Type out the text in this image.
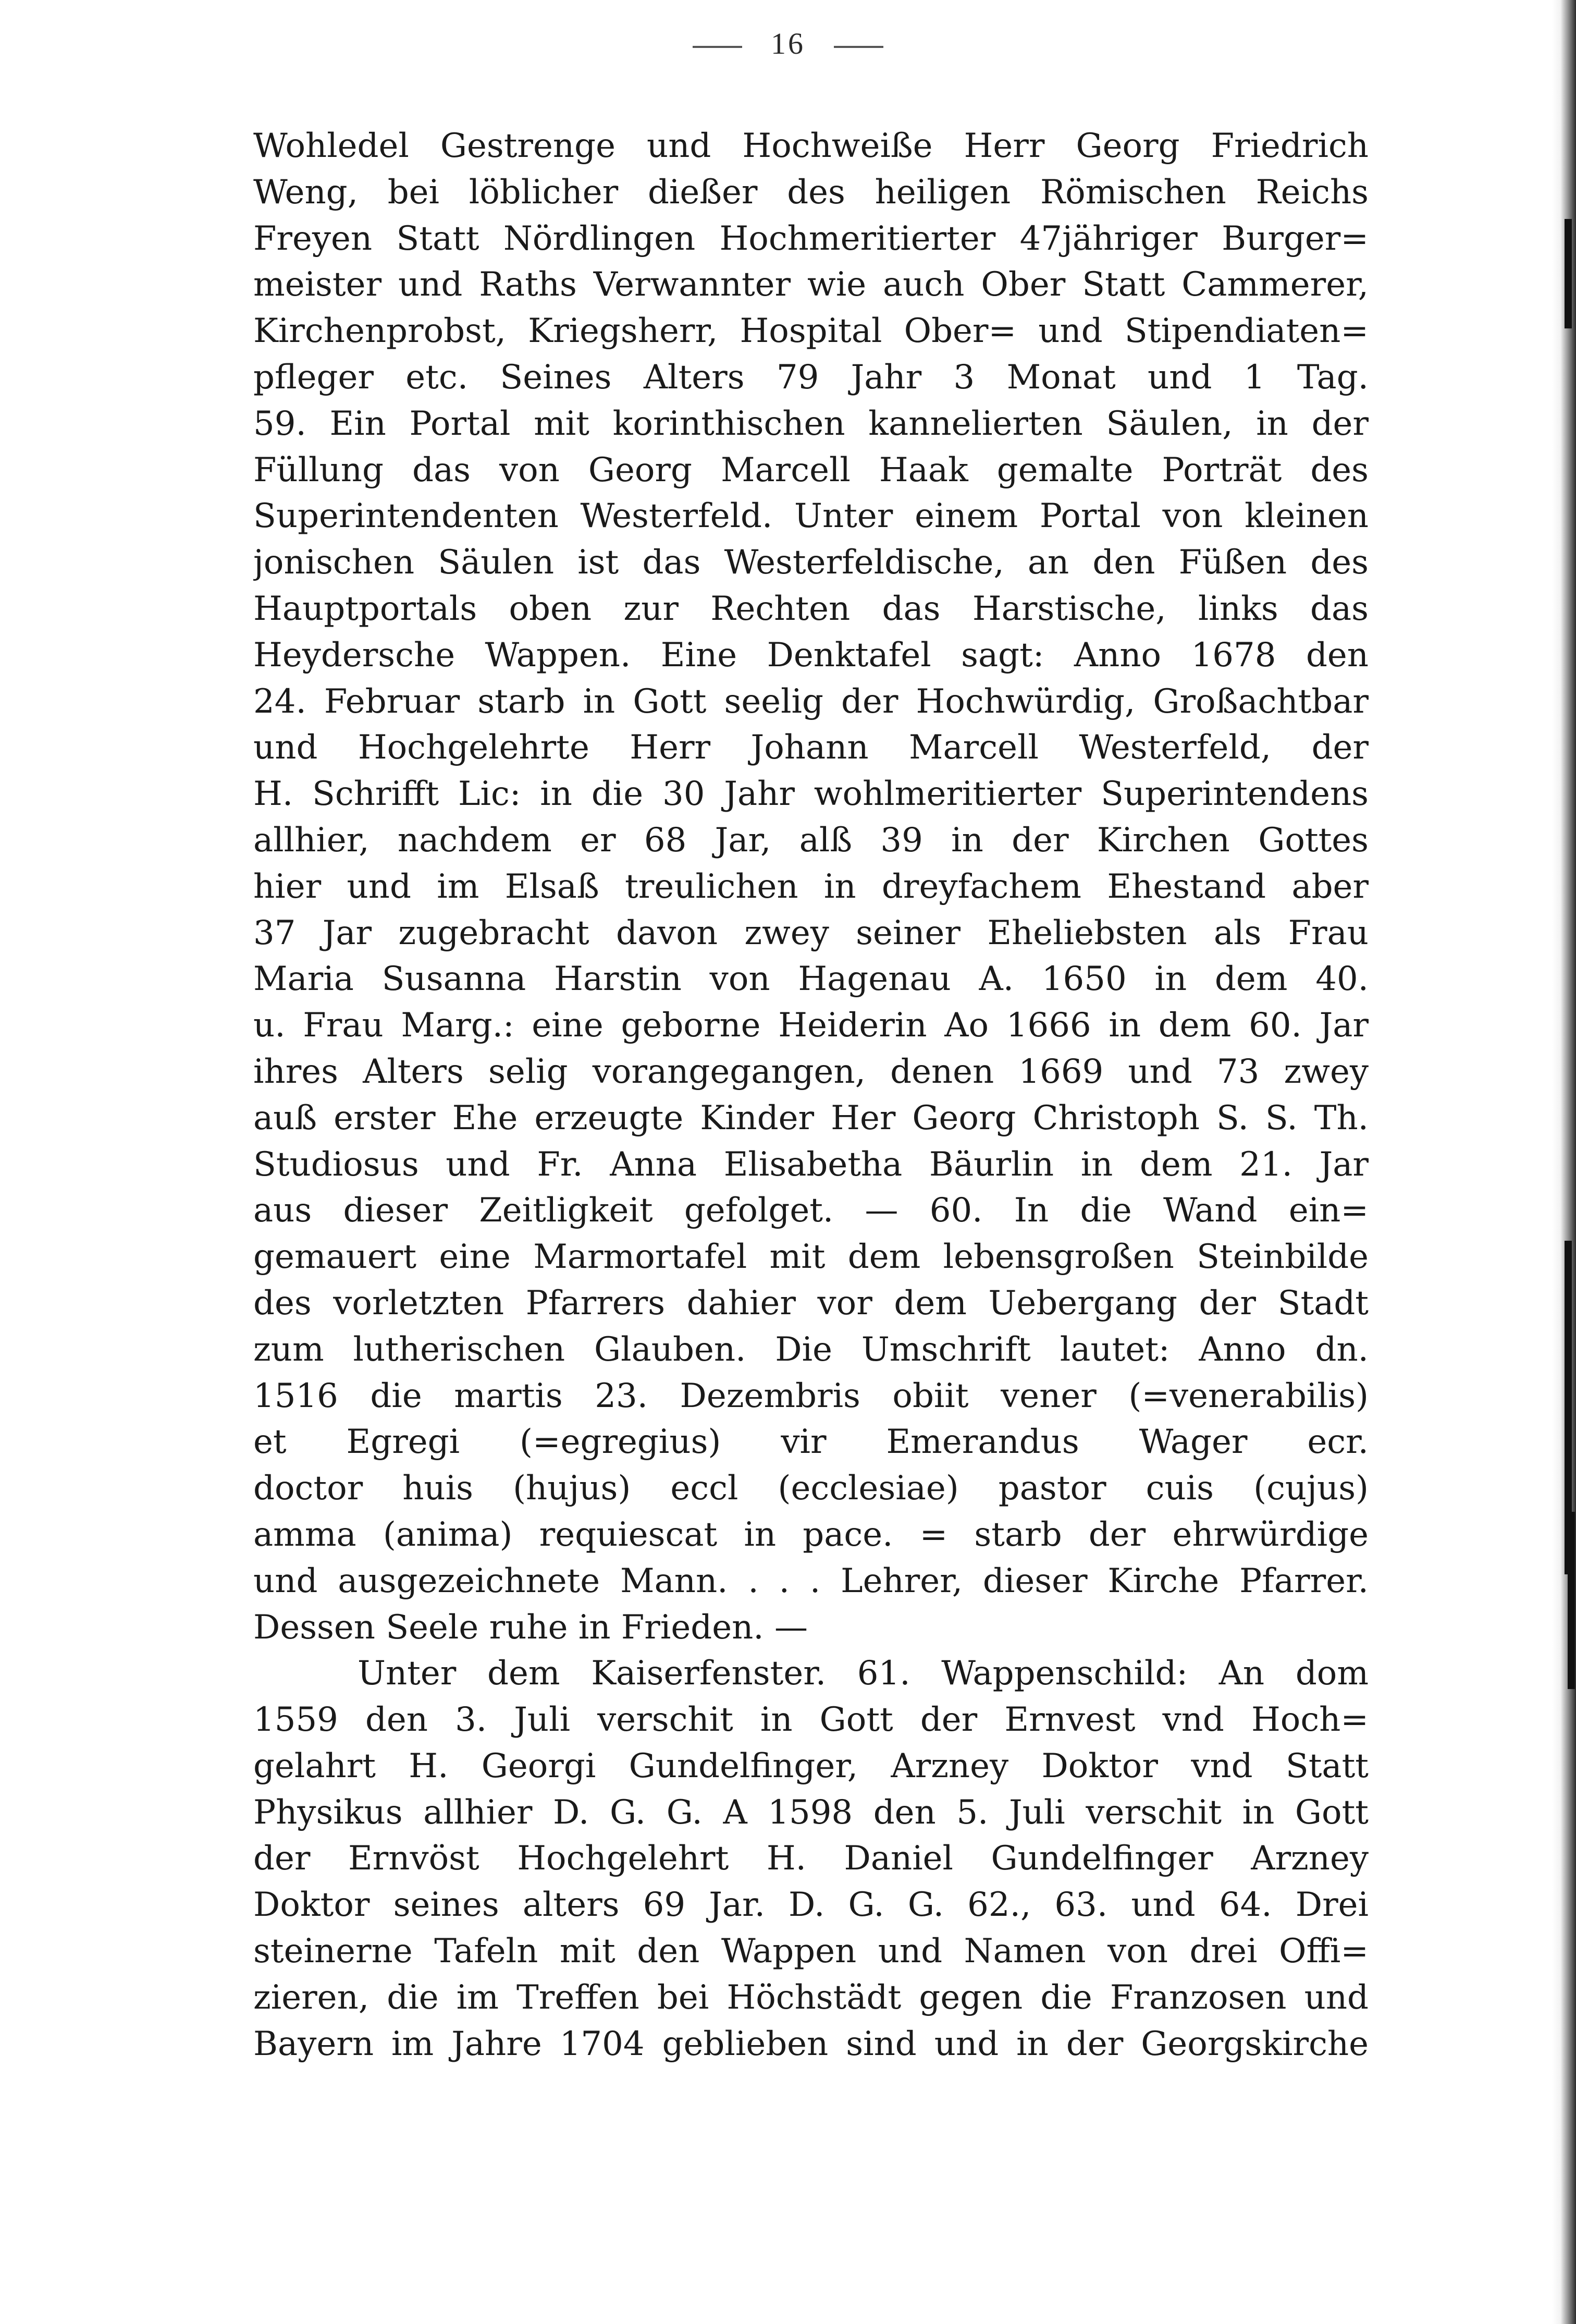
16
Wohledel Gestrenge und Hochweiße Herr Georg Friedrich
Weng, bei löblicher dießer des heiligen Römischen Reichs
Freyen Statt Nördlingen Hochmeritierter 47jähriger Burger=
meister und Raths Verwannter wie auch Ober Statt Cammerer,
Kirchenprobst, Kriegsherr, Hospital Ober= und Stipendiaten=
pfleger etc. Seines Alters 79 Jahr 3 Monat und 1 Tag.
59. Ein Portal mit korinthischen kannelierten Säulen, in der
Füllung das von Georg Marcell Haak gemalte Porträt des
Superintendenten Westerfeld. Unter einem Portal von kleinen
jonischen Säulen ist das Westerfeldische, an den Füßen des
Hauptportals oben zur Rechten das Harstische, links das
Heydersche Wappen. Eine Denktafel sagt: Anno 1678 den
24. Februar starb in Gott seelig der Hochwürdig, Großachtbar
und Hochgelehrte Herr Johann Marcell Westerfeld, der
H. Schrifft Lic: in die 30 Jahr wohlmeritierter Superintendens
allhier, nachdem er 68 Jar, alß 39 in der Kirchen Gottes
hier und im Elsaß treulichen in dreyfachem Ehestand aber
37 Jar zugebracht davon zwey seiner Eheliebsten als Frau
Maria Susanna Harstin von Hagenau A. 1650 in dem 40.
u. Frau Marg.: eine geborne Heiderin Ao 1666 in dem 60. Jar
ihres Alters selig vorangegangen, denen 1669 und 73 zwey
auß erster Ehe erzeugte Kinder Her Georg Christoph S. S. Th.
Studiosus und Fr. Anna Elisabetha Bäurlin in dem 21. Jar
aus dieser Zeitligkeit gefolget. — 60. In die Wand ein=
gemauert eine Marmortafel mit dem lebensgroßen Steinbilde
des vorletzten Pfarrers dahier vor dem Uebergang der Stadt
zum lutherischen Glauben. Die Umschrift lautet: Anno dn.
1516 die martis 23. Dezembris obiit vener (=venerabilis)
et Egregi (=egregius) vir Emerandus Wager ecr.
doctor huis (hujus) eccl (ecclesiae) pastor cuis (cujus)
amma (anima) requiescat in pace. = starb der ehrwürdige
und ausgezeichnete Mann. . . . Lehrer, dieser Kirche Pfarrer.
Dessen Seele ruhe in Frieden. —
Unter dem Kaiserfenster. 61. Wappenschild: An dom
1559 den 3. Juli verschit in Gott der Ernvest vnd Hoch=
gelahrt H. Georgi Gundelfinger, Arzney Doktor vnd Statt
Physikus allhier D. G. G. A 1598 den 5. Juli verschit in Gott
der Ernvöst Hochgelehrt H. Daniel Gundelfinger Arzney
Doktor seines alters 69 Jar. D. G. G. 62., 63. und 64. Drei
steinerne Tafeln mit den Wappen und Namen von drei Offi=
zieren, die im Treffen bei Höchstädt gegen die Franzosen und
Bayern im Jahre 1704 geblieben sind und in der Georgskirche
